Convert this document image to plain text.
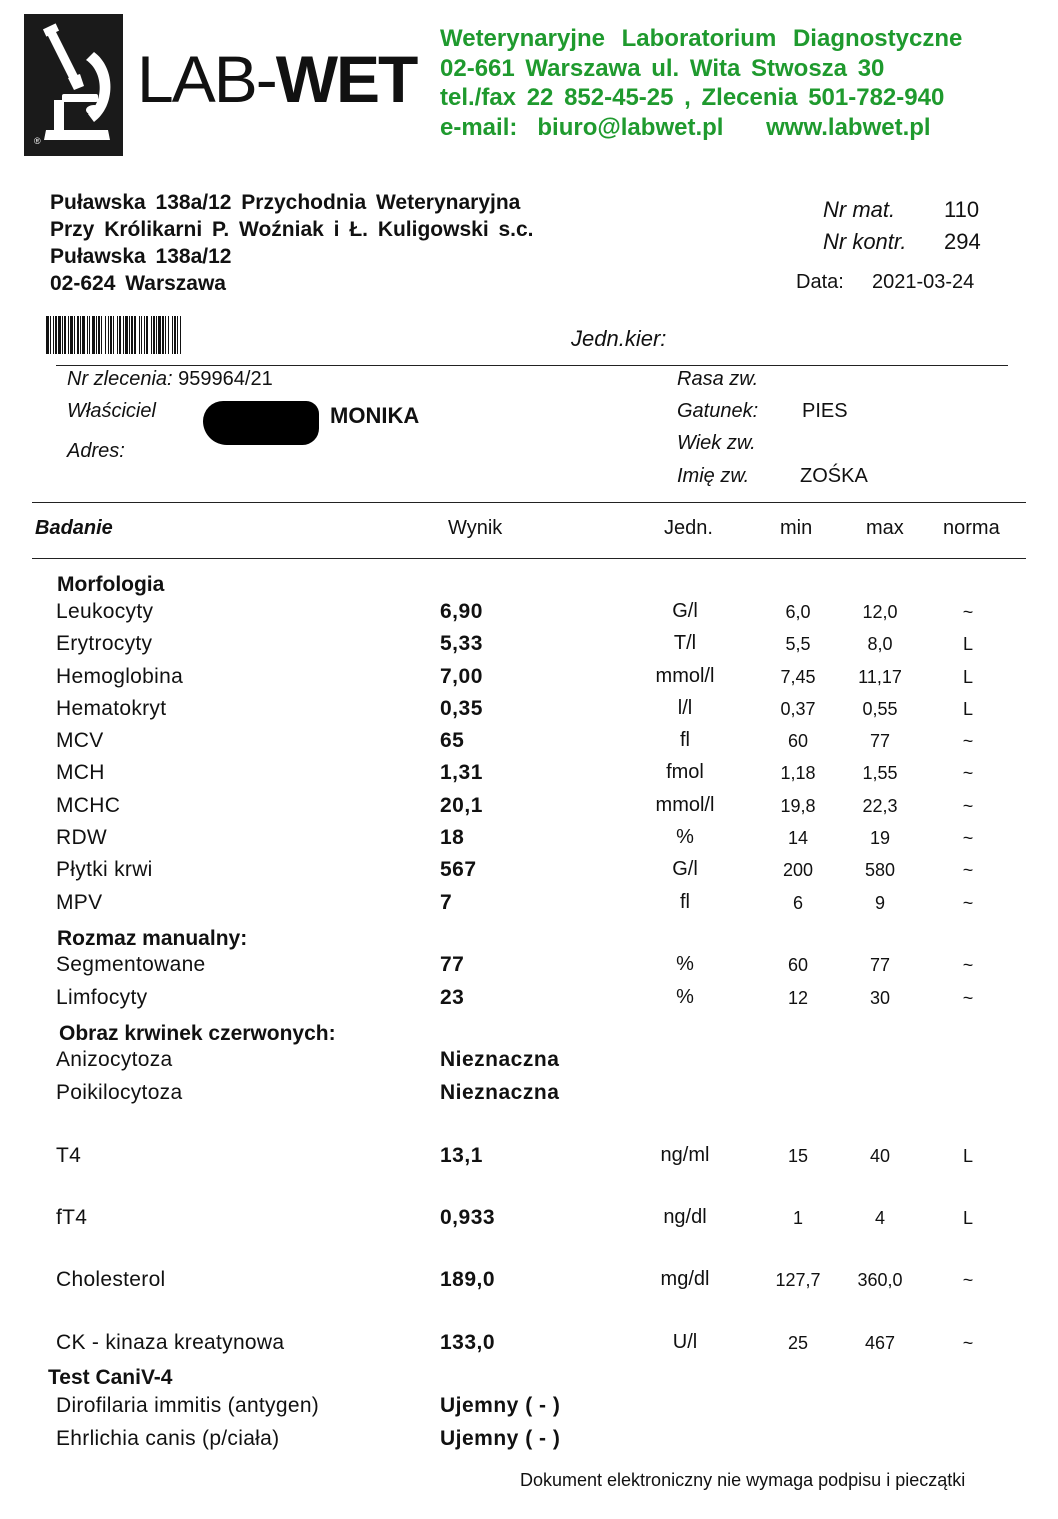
®
LAB-WET
Weterynaryjne Laboratorium Diagnostyczne
02-661 Warszawa ul. Wita Stwosza 30
tel./fax 22 852-45-25 , Zlecenia 501-782-940
e-mail: biuro@labwet.pl www.labwet.pl
Puławska 138a/12 Przychodnia Weterynaryjna
Przy Królikarni P. Woźniak i Ł. Kuligowski s.c.
Puławska 138a/12
02-624 Warszawa
Nr mat. 110
Nr kontr. 294
Data: 2021-03-24
Jedn.kier:
Nr zlecenia: 959964/21
Właściciel	MONIKA
Adres:
Rasa zw.
Gatunek: PIES
Wiek zw.
Imię zw.	ZOŚKA
Badanie	Wynik	Jedn.	min	max norma
Morfologia
Rozmaz manualny:
Obraz krwinek czerwonych:
Test CaniV-4
Leukocyty	6,90	G/l	6,0	12,0	~
Erytrocyty	5,33	T/l	5,5	8,0	L
Hemoglobina	7,00	mmol/l	7,45	11,17	L
Hematokryt	0,35	l/l	0,37	0,55	L
MCV	65	fl	60	77	~
MCH	1,31	fmol	1,18	1,55	~
MCHC	20,1	mmol/l	19,8	22,3	~
RDW	18	%	14	19	~
Płytki krwi	567	G/l	200	580	~
MPV	7	fl	6	9	~
Segmentowane	77	%	60	77	~
Limfocyty	23	%	12	30	~
Anizocytoza	Nieznaczna
Poikilocytoza	Nieznaczna
T4	13,1	ng/ml	15	40	L
fT4	0,933	ng/dl	1	4	L
Cholesterol	189,0	mg/dl	127,7	360,0	~
CK - kinaza kreatynowa	133,0	U/l	25	467	~
Dirofilaria immitis (antygen)	Ujemny ( - )
Ehrlichia canis (p/ciała)	Ujemny ( - )
Dokument elektroniczny nie wymaga podpisu i pieczątki
